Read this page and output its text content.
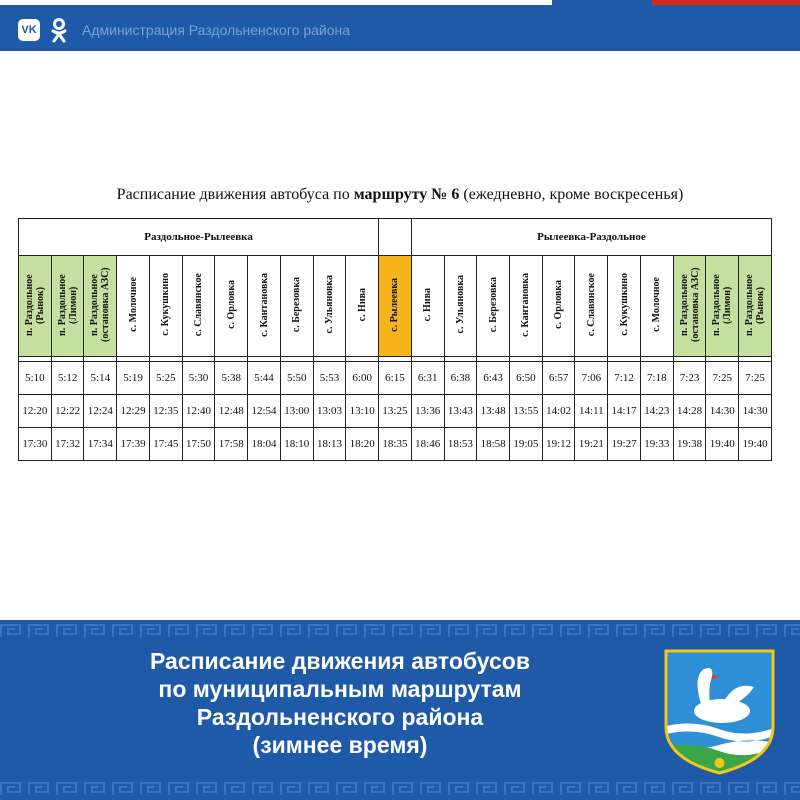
VK	Администрация Раздольненского района
Расписание движения автобуса по маршруту № 6 (ежедневно, кроме воскресенья)
Раздольное-Рылеевка												Рылеевка-Раздольное										
п. Раздольное (Рынок)	п. Раздольное (Лимон)	п. Раздольное (остановка АЗС)	с. Молочное	с. Кукушкино	с. Славянское	с. Орловка	с. Кантановка	с. Березовка	с. Ульяновка	с. Нива	с. Рылеевка	с. Нива	с. Ульяновка	с. Березовка	с. Кантановка	с. Орловка	с. Славянское	с. Кукушкино	с. Молочное	п. Раздольное (остановка АЗС)	п. Раздольное (Лимон)	п. Раздольное (Рынок)

5:10	5:12	5:14	5:19	5:25	5:30	5:38	5:44	5:50	5:53	6:00	6:15	6:31	6:38	6:43	6:50	6:57	7:06	7:12	7:18	7:23	7:25	7:25
12:20	12:22	12:24	12:29	12:35	12:40	12:48	12:54	13:00	13:03	13:10	13:25	13:36	13:43	13:48	13:55	14:02	14:11	14:17	14:23	14:28	14:30	14:30
17:30	17:32	17:34	17:39	17:45	17:50	17:58	18:04	18:10	18:13	18:20	18:35	18:46	18:53	18:58	19:05	19:12	19:21	19:27	19:33	19:38	19:40	19:40
Расписание движения автобусов
по муниципальным маршрутам
Раздольненского района
(зимнее время)
